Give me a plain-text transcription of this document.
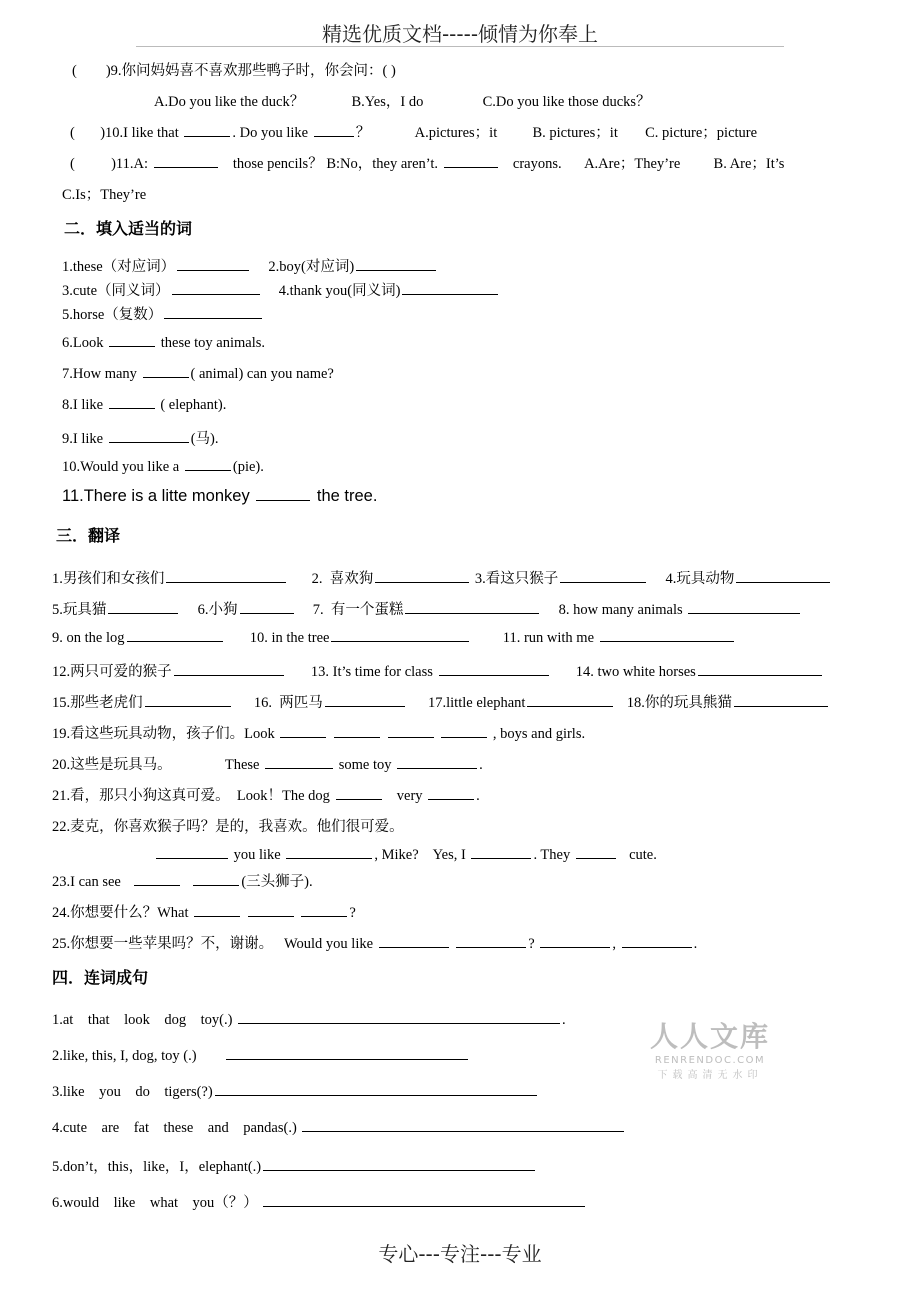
精选优质文档-----倾情为你奉上
(        )9.你问妈妈喜不喜欢那些鸭子时，你会问：( )
A.Do you like the duck？	B.Yes，I do	C.Do you like those ducks？
(       )10.I like that	. Do you like	？	A.pictures；it B. pictures；it C. picture；picture
(          )11.A:	those pencils？ B:No，they aren’t.	crayons. A.Are；They’re B. Are；It’s
C.Is；They’re
二．填入适当的词
1.these（对应词）	2.boy(对应词)
3.cute（同义词）	4.thank you(同义词)
5.horse（复数）
6.Look	these toy animals.
7.How many	( animal) can you name?
8.I like	( elephant).
9.I like	(马).
10.Would you like a	(pie).
11.There is a litte monkey	the tree.
三．翻译
1.男孩们和女孩们	2.  喜欢狗	3.看这只猴子	4.玩具动物
5.玩具猫	6.小狗	7.  有一个蛋糕	8. how many animals
9. on the log	10. in the tree	11. run with me
12.两只可爱的猴子	13. It’s time for class	14. two white horses
15.那些老虎们	16.  两匹马	17.little elephant	18.你的玩具熊猫
19.看这些玩具动物，孩子们。Look	, boys and girls.
20.这些是玩具马。	These	some toy	.
21.看，那只小狗这真可爱。  Look！The dog	very	.
22.麦克，你喜欢猴子吗？是的，我喜欢。他们很可爱。
you like	, Mike?    Yes, I	. They	cute.
23.I can see	(三头狮子).
24.你想要什么？What	?
25.你想要一些苹果吗？不，谢谢。   Would you like	?	,	.
四．连词成句
1.at    that    look    dog    toy(.)	.
2.like, this, I, dog, toy (.)
3.like    you    do    tigers(?)
4.cute    are    fat    these    and    pandas(.)
5.don’t，this，like，I，elephant(.)
6.would    like    what    you（？）
人人文库
RENRENDOC.COM
下载高清无水印
专心---专注---专业
